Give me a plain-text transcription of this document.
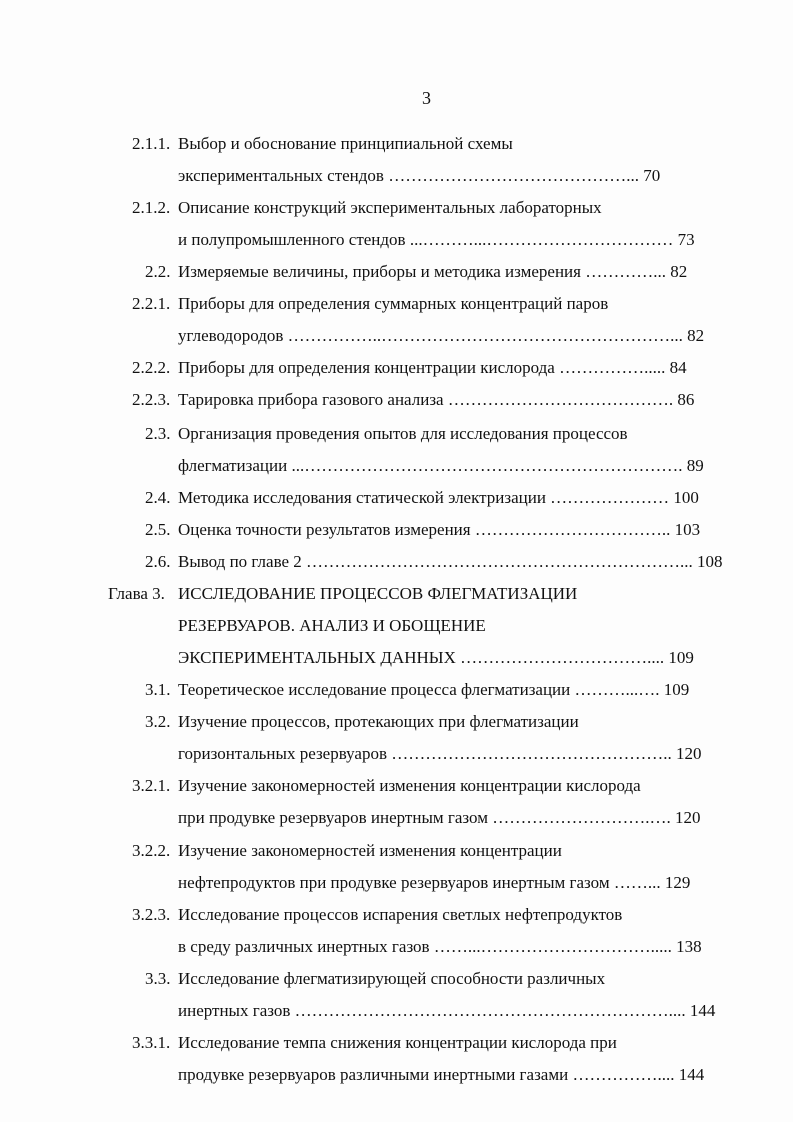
3
2.1.1. Выбор и обоснование принципиальной схемы
экспериментальных стендов ……………………………………... 70
2.1.2. Описание конструкций экспериментальных лабораторных
и полупромышленного стендов ...………...…………………………… 73
2.2. Измеряемые величины, приборы и методика измерения …………... 82
2.2.1. Приборы для определения суммарных концентраций паров
углеводородов ……………..……………………………………………... 82
2.2.2. Приборы для определения концентрации кислорода ……………..... 84
2.2.3. Тарировка прибора газового анализа …………………………………. 86
2.3. Организация проведения опытов для исследования процессов
флегматизации ...…………………………………………………………. 89
2.4. Методика исследования статической электризации ………………… 100
2.5. Оценка точности результатов измерения …………………………….. 103
2.6. Вывод по главе 2 …………………………………………………………... 108
Глава 3. ИССЛЕДОВАНИЕ ПРОЦЕССОВ ФЛЕГМАТИЗАЦИИ
РЕЗЕРВУАРОВ. АНАЛИЗ И ОБОЩЕНИЕ
ЭКСПЕРИМЕНТАЛЬНЫХ ДАННЫХ …………………………….... 109
3.1. Теоретическое исследование процесса флегматизации ………...…. 109
3.2. Изучение процессов, протекающих при флегматизации
горизонтальных резервуаров ………………………………………….. 120
3.2.1. Изучение закономерностей изменения концентрации кислорода
при продувке резервуаров инертным газом ……………………….…. 120
3.2.2. Изучение закономерностей изменения концентрации
нефтепродуктов при продувке резервуаров инертным газом ……... 129
3.2.3. Исследование процессов испарения светлых нефтепродуктов
в среду различных инертных газов ……...…………………………..... 138
3.3. Исследование флегматизирующей способности различных
инертных газов ………………………………………………………….... 144
3.3.1. Исследование темпа снижения концентрации кислорода при
продувке резервуаров различными инертными газами …………….... 144
